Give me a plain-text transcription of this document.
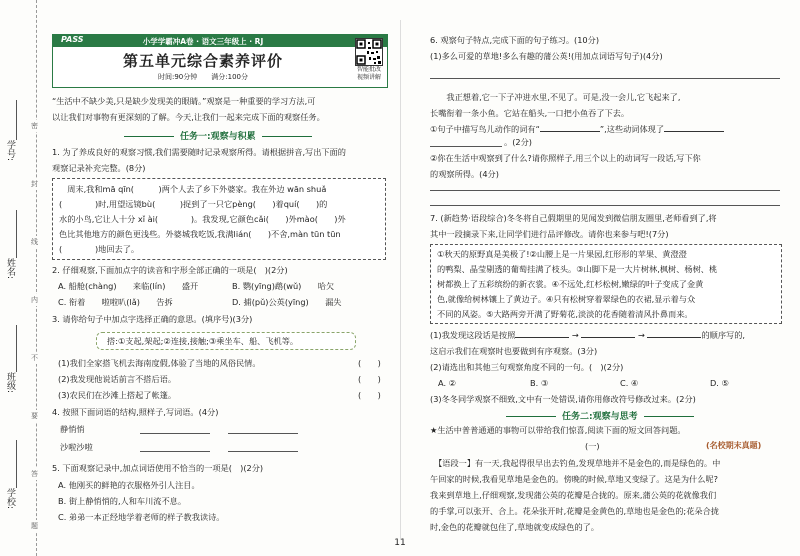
学号:
姓名:
班级:
学校:
密
封
线
内
不
要
答
题
PASS	小学学霸冲A卷 · 语文三年级上 · RJ
第五单元综合素养评价
时间:90分钟　　满分:100分
智能批改 视频讲解
“生活中不缺少美,只是缺少发现美的眼睛。”观察是一种重要的学习方法,可
以让我们对事物有更深刻的了解。今天,让我们一起来完成下面的观察任务。
任务一:观察与积累
1. 为了养成良好的观察习惯,我们需要随时记录观察所得。请根据拼音,写出下面的
观察记录补充完整。(8分)
　周末,我和mā qīn(　　　)两个人去了乡下外婆家。我在外边 wān shuǎ
(　　　　)时,用望远镜bù(　　　)捉到了一只它pèng(　　)着quí(　　)的
水的小鸟,它让人十分 xǐ ài(　　　　)。我发现,它颜色cǎi(　　)外mào(　　)外
色比其他地方的颜色更浅些。外婆城我吃饭,我满lián(　　)不舍,màn tūn tūn
(　　　　)地回去了。
2. 仔细观察,下面加点字的读音和字形全部正确的一项是(　)(2分)
A. 船舱(chàng)　　来临(lín)　　盛开	B. 鹦(yīng)鹉(wǔ)　　哈欠
C. 衔着　　啦啦叭(lǎ)　　告拆	D. 捕(pǔ)公英(yīng)　　漏失
3. 请你给句子中加点字选择正确的意思。(填序号)(3分)
搭:①支起,架起;②连接,接触;③乘坐车、船、飞机等。
(1)我们全家搭飞机去海南度假,体验了当地的风俗民情。	(　　)
(2)我发现他说话前言不搭后语。	(　　)
(3)农民们在沙滩上搭起了帐篷。	(　　)
4. 按照下面词语的结构,照样子,写词语。(4分)
静悄悄
沙啦沙啦
5. 下面观察记录中,加点词语使用不恰当的一项是(　)(2分)
A. 他刚买的鲜艳的衣服格外引人注目。
B. 街上静悄悄的,人和车川流不息。
C. 弟弟一本正经地学着老师的样子教我读诗。
11
6. 观察句子特点,完成下面的句子练习。(10分)
(1)多么可爱的草地!多么有趣的蒲公英!(用加点词语写句子)(4分)
　　我正想着,它一下子冲进水里,不见了。可是,没一会儿,它飞起来了,
长嘴衔着一条小鱼。它站在船头,一口把小鱼吞了下去。
①句子中描写鸟儿动作的词有“	”,这些动词体现了
。(2分)
②你在生活中观察到了什么?请你照样子,用三个以上的动词写一段话,写下你
的观察所得。(4分)
7. (新趋势·语段综合)冬冬将自己假期里的见闻发到微信朋友圈里,老师看到了,将
其中一段摘录下来,让同学们进行品评修改。请你也来参与吧!(7分)
①秋天的原野真是美极了!②山腰上是一片果园,红形形的苹果、黄澄澄
的鸭梨、晶莹剔透的葡萄挂满了枝头。③山脚下是一大片树林,枫树、杨树、桃
树都换上了五彩缤纷的新衣裳。④不远处,红杉松树,嫩绿的叶子变成了金黄
色,就像给树林镶上了黄边子。④只有松树穿着翠绿色的衣裙,显示着与众
不同的风姿。⑤大路两旁开满了野菊花,淡淡的花香随着清风扑鼻而来。
(1)我发现这段话是按照	→	→	的顺序写的,
这启示我们在观察时也要做到有序观察。(3分)
(2)请选出和其他三句观察角度不同的一句。(　)(2分)
A. ②	B. ③	C. ④	D. ⑤
(3)冬冬同学观察不细致,文中有一处错误,请你用修改符号修改过来。(2分)
任务二:观察与思考
★生活中普普通通的事物可以带给我们惊喜,阅读下面的短文回答问题。
(一)	(名校期末真题)
　【语段一】有一天,我起得很早出去钓鱼,发现草地并不是金色的,而是绿色的。中
午回家的时候,我看见草地是金色的。傍晚的时候,草地又变绿了。这是为什么呢?
我来到草地上,仔细观察,发现蒲公英的花瓣是合拢的。原来,蒲公英的花就像我们
的手掌,可以张开、合上。花朵张开时,花瓣是金黄色的,草地也是金色的;花朵合拢
时,金色的花瓣就包住了,草地就变成绿色的了。
